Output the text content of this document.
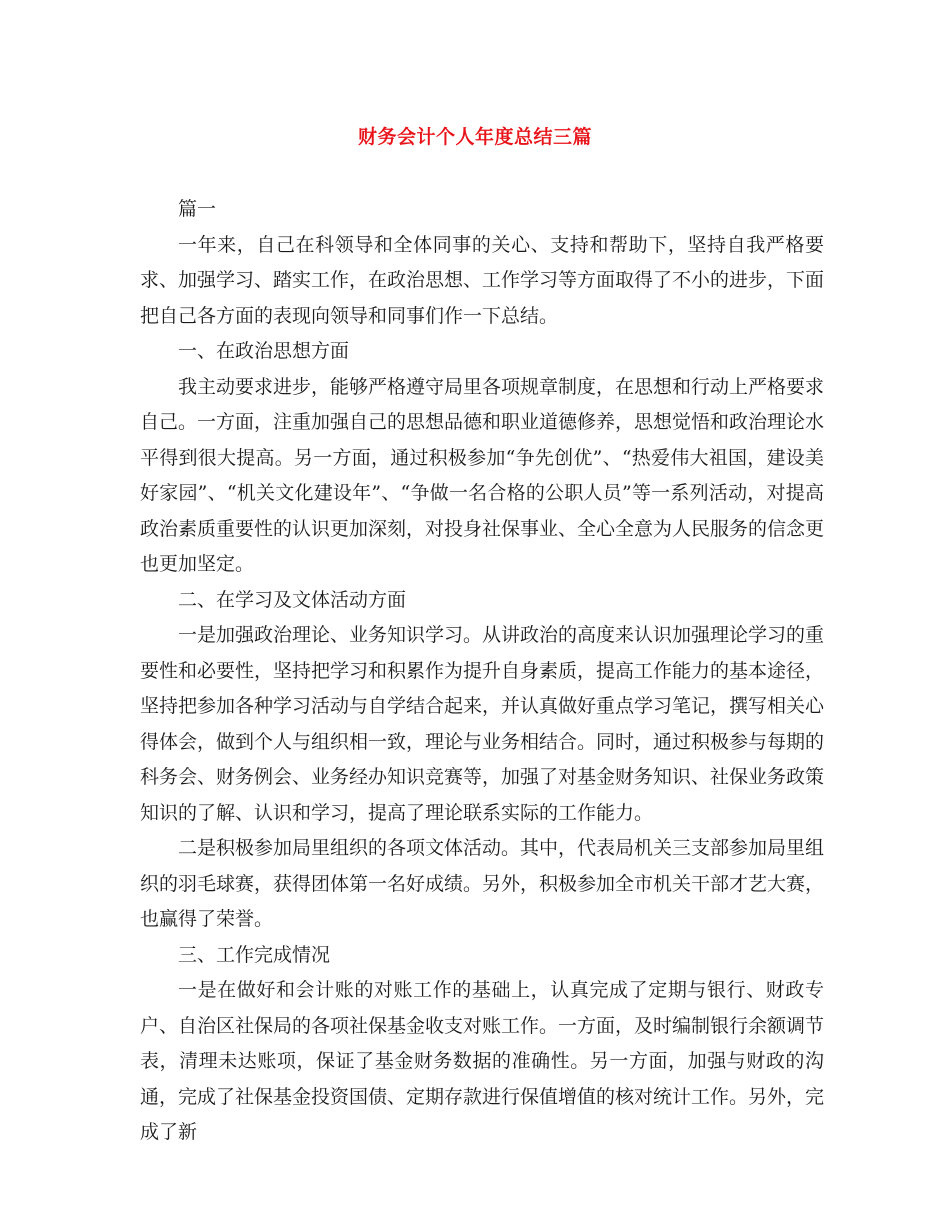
财务会计个人年度总结三篇

篇一

一年来，自己在科领导和全体同事的关心、支持和帮助下，坚持自我严格要求、加强学习、踏实工作，在政治思想、工作学习等方面取得了不小的进步，下面把自己各方面的表现向领导和同事们作一下总结。

一、在政治思想方面

我主动要求进步，能够严格遵守局里各项规章制度，在思想和行动上严格要求自己。一方面，注重加强自己的思想品德和职业道德修养，思想觉悟和政治理论水平得到很大提高。另一方面，通过积极参加“争先创优”、“热爱伟大祖国，建设美好家园”、“机关文化建设年”、“争做一名合格的公职人员”等一系列活动，对提高政治素质重要性的认识更加深刻，对投身社保事业、全心全意为人民服务的信念更也更加坚定。

二、在学习及文体活动方面

一是加强政治理论、业务知识学习。从讲政治的高度来认识加强理论学习的重要性和必要性，坚持把学习和积累作为提升自身素质，提高工作能力的基本途径，坚持把参加各种学习活动与自学结合起来，并认真做好重点学习笔记，撰写相关心得体会，做到个人与组织相一致，理论与业务相结合。同时，通过积极参与每期的科务会、财务例会、业务经办知识竞赛等，加强了对基金财务知识、社保业务政策知识的了解、认识和学习，提高了理论联系实际的工作能力。

二是积极参加局里组织的各项文体活动。其中，代表局机关三支部参加局里组织的羽毛球赛，获得团体第一名好成绩。另外，积极参加全市机关干部才艺大赛，也赢得了荣誉。

三、工作完成情况

一是在做好和会计账的对账工作的基础上，认真完成了定期与银行、财政专户、自治区社保局的各项社保基金收支对账工作。一方面，及时编制银行余额调节表，清理未达账项，保证了基金财务数据的准确性。另一方面，加强与财政的沟通，完成了社保基金投资国债、定期存款进行保值增值的核对统计工作。另外，完成了新
